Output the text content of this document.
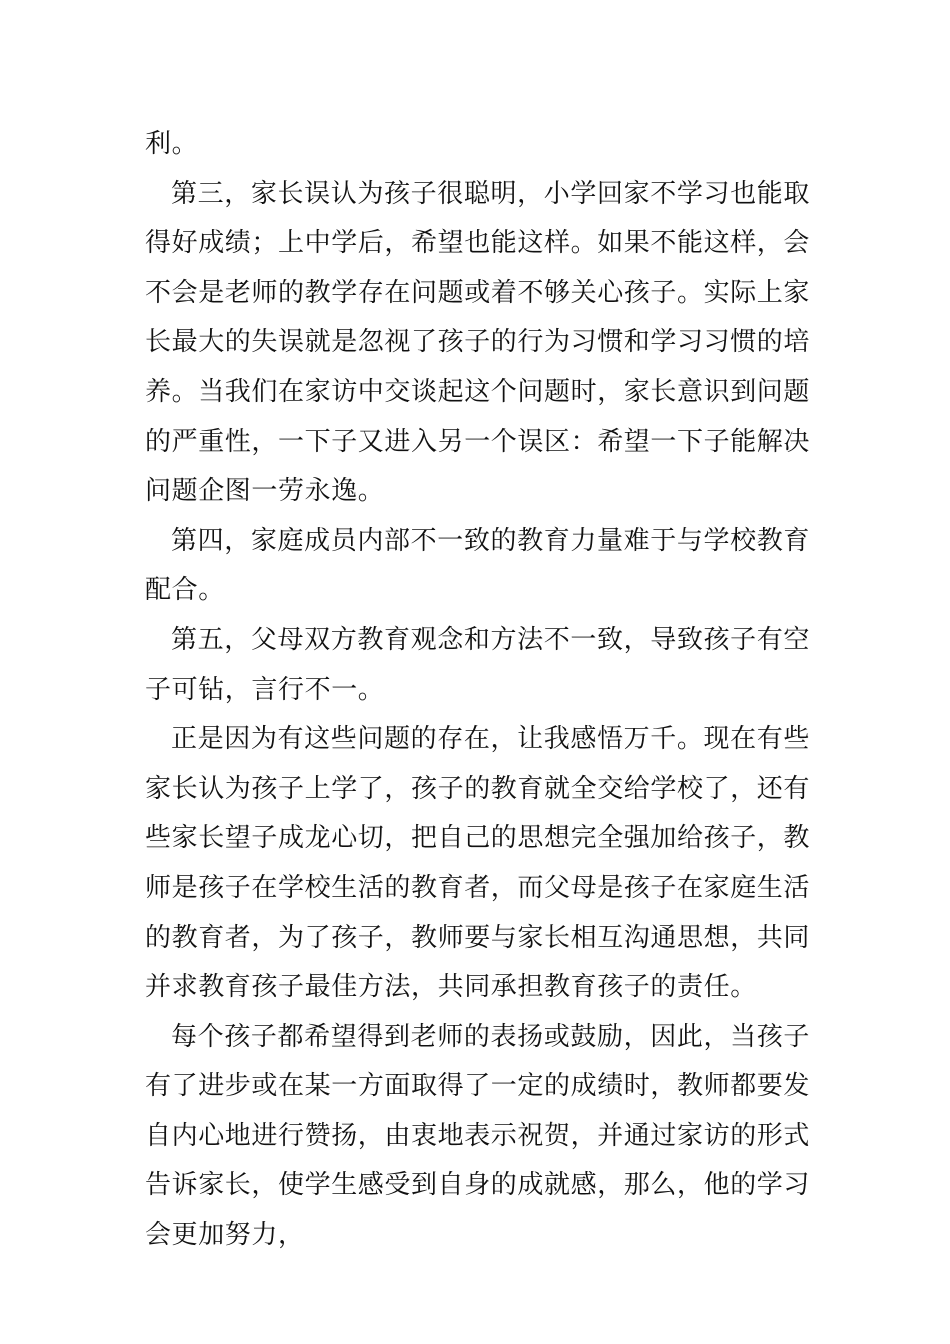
利。

第三，家长误认为孩子很聪明，小学回家不学习也能取得好成绩；上中学后，希望也能这样。如果不能这样，会不会是老师的教学存在问题或着不够关心孩子。实际上家长最大的失误就是忽视了孩子的行为习惯和学习习惯的培养。当我们在家访中交谈起这个问题时，家长意识到问题的严重性，一下子又进入另一个误区：希望一下子能解决问题企图一劳永逸。

第四，家庭成员内部不一致的教育力量难于与学校教育配合。

第五，父母双方教育观念和方法不一致，导致孩子有空子可钻，言行不一。

正是因为有这些问题的存在，让我感悟万千。现在有些家长认为孩子上学了，孩子的教育就全交给学校了，还有些家长望子成龙心切，把自己的思想完全强加给孩子，教师是孩子在学校生活的教育者，而父母是孩子在家庭生活的教育者，为了孩子，教师要与家长相互沟通思想，共同并求教育孩子最佳方法，共同承担教育孩子的责任。

每个孩子都希望得到老师的表扬或鼓励，因此，当孩子有了进步或在某一方面取得了一定的成绩时，教师都要发自内心地进行赞扬，由衷地表示祝贺，并通过家访的形式告诉家长，使学生感受到自身的成就感，那么，他的学习会更加努力，
